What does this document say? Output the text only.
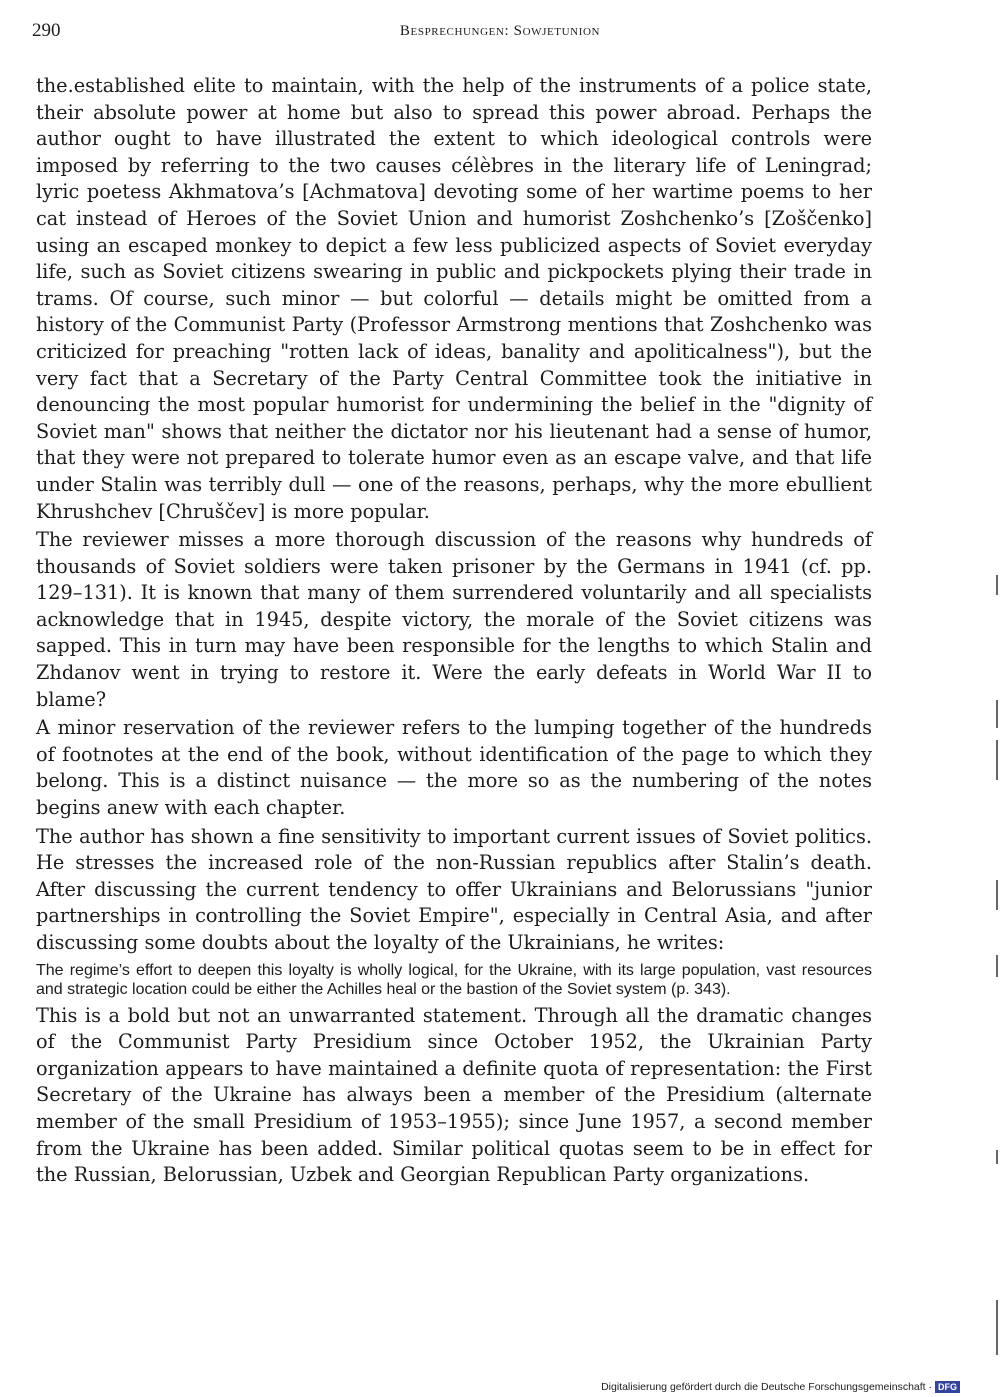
290	Besprechungen: Sowjetunion

the.established elite to maintain, with the help of the instruments of a police state, their absolute power at home but also to spread this power abroad. Perhaps the author ought to have illustrated the extent to which ideological controls were imposed by referring to the two causes célèbres in the literary life of Leningrad; lyric poetess Akhmatova’s [Achmatova] devoting some of her wartime poems to her cat instead of Heroes of the Soviet Union and humorist Zoshchenko’s [Zoščenko] using an escaped monkey to depict a few less publicized aspects of Soviet everyday life, such as Soviet citizens swearing in public and pickpockets plying their trade in trams. Of course, such minor — but colorful — details might be omitted from a history of the Communist Party (Professor Armstrong mentions that Zoshchenko was criticized for preaching "rotten lack of ideas, banality and apoliticalness"), but the very fact that a Secretary of the Party Central Committee took the initiative in denouncing the most popular humorist for undermining the belief in the "dignity of Soviet man" shows that neither the dictator nor his lieutenant had a sense of humor, that they were not prepared to tolerate humor even as an escape valve, and that life under Stalin was terribly dull — one of the reasons, perhaps, why the more ebullient Khrushchev [Chruščev] is more popular.

The reviewer misses a more thorough discussion of the reasons why hundreds of thousands of Soviet soldiers were taken prisoner by the Germans in 1941 (cf. pp. 129–131). It is known that many of them surrendered voluntarily and all specialists acknowledge that in 1945, despite victory, the morale of the Soviet citizens was sapped. This in turn may have been responsible for the lengths to which Stalin and Zhdanov went in trying to restore it. Were the early defeats in World War II to blame?

A minor reservation of the reviewer refers to the lumping together of the hundreds of footnotes at the end of the book, without identification of the page to which they belong. This is a distinct nuisance — the more so as the numbering of the notes begins anew with each chapter.

The author has shown a fine sensitivity to important current issues of Soviet politics. He stresses the increased role of the non-Russian republics after Stalin’s death. After discussing the current tendency to offer Ukrainians and Belorussians "junior partnerships in controlling the Soviet Empire", especially in Central Asia, and after discussing some doubts about the loyalty of the Ukrainians, he writes:

The regime’s effort to deepen this loyalty is wholly logical, for the Ukraine, with its large population, vast resources and strategic location could be either the Achilles heal or the bastion of the Soviet system (p. 343).

This is a bold but not an unwarranted statement. Through all the dramatic changes of the Communist Party Presidium since October 1952, the Ukrainian Party organization appears to have maintained a definite quota of representation: the First Secretary of the Ukraine has always been a member of the Presidium (alternate member of the small Presidium of 1953–1955); since June 1957, a second member from the Ukraine has been added. Similar political quotas seem to be in effect for the Russian, Belorussian, Uzbek and Georgian Republican Party organizations.

Digitalisierung gefördert durch die Deutsche Forschungsgemeinschaft · DFG
